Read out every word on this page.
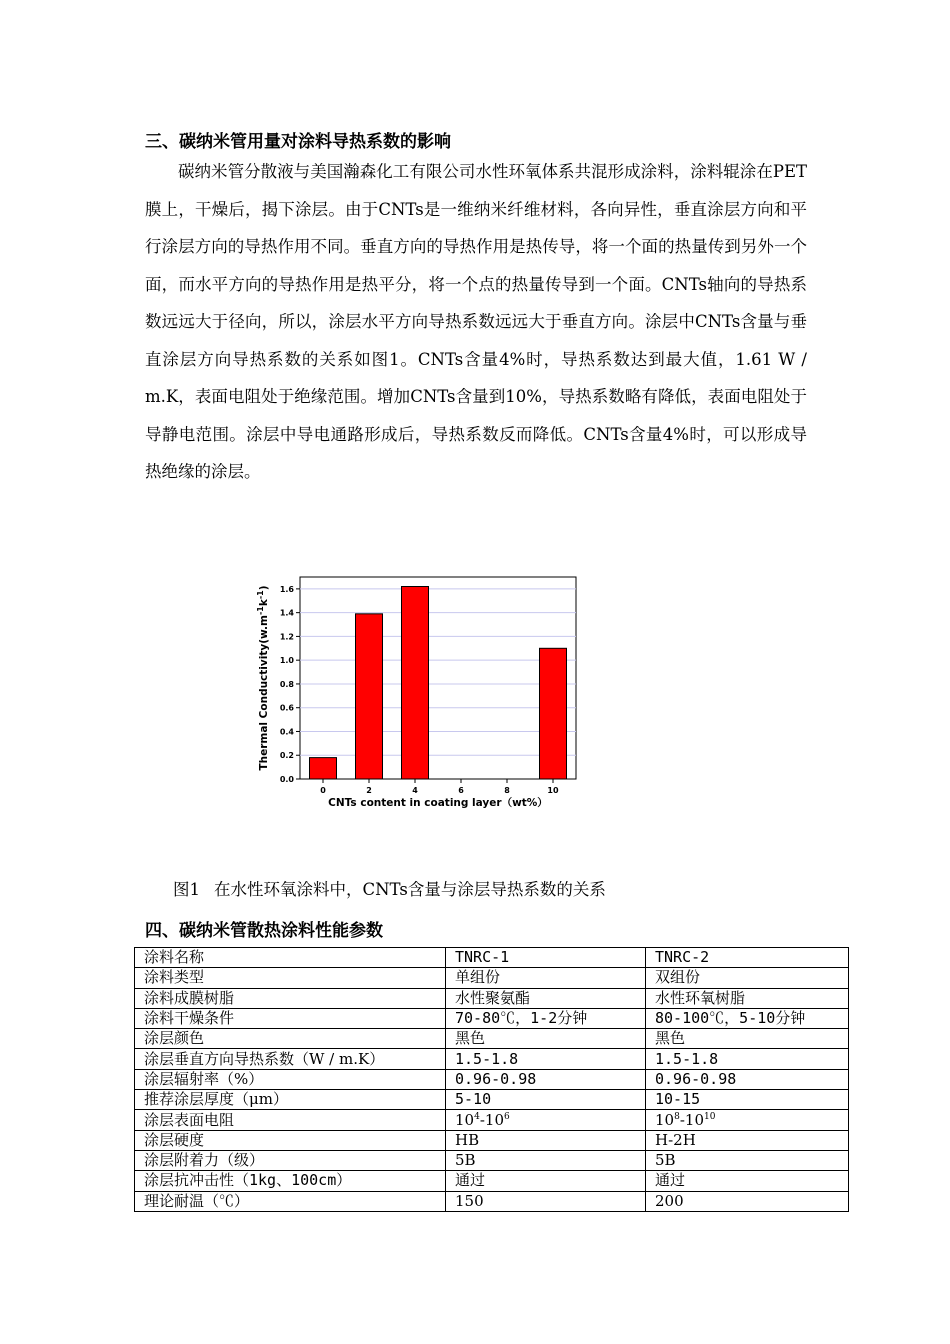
三、碳纳米管用量对涂料导热系数的影响

碳纳米管分散液与美国瀚森化工有限公司水性环氧体系共混形成涂料，涂料辊涂在PET膜上，干燥后，揭下涂层。由于CNTs是一维纳米纤维材料，各向异性，垂直涂层方向和平行涂层方向的导热作用不同。垂直方向的导热作用是热传导，将一个面的热量传到另外一个面，而水平方向的导热作用是热平分，将一个点的热量传导到一个面。CNTs轴向的导热系数远远大于径向，所以，涂层水平方向导热系数远远大于垂直方向。涂层中CNTs含量与垂直涂层方向导热系数的关系如图1。CNTs含量4%时，导热系数达到最大值，1.61 W / m.K，表面电阻处于绝缘范围。增加CNTs含量到10%，导热系数略有降低，表面电阻处于导静电范围。涂层中导电通路形成后，导热系数反而降低。CNTs含量4%时，可以形成导热绝缘的涂层。

0.0
0.2
0.4
0.6
0.8
1.0
1.2
1.4
1.6
0	2	4	6	8	10
CNTs content in coating layer（wt%）
Thermal $Conductivity(w.m^{-1}k^{-1})$
图1 在水性环氧涂料中，CNTs含量与涂层导热系数的关系
四、碳纳米管散热涂料性能参数
涂料名称	TNRC-1	TNRC-2
涂料类型	单组份	双组份
涂料成膜树脂	水性聚氨酯	水性环氧树脂
涂料干燥条件	70-80℃，1-2分钟	80-100℃，5-10分钟
涂层颜色	黑色	黑色
涂层垂直方向导热系数（W / m.K）	1.5-1.8	1.5-1.8
涂层辐射率（%）	0.96-0.98	0.96-0.98
推荐涂层厚度（μm）	5-10	10-15
涂层表面电阻	$10^4-10^6$	$10^8-10^{10}$
涂层硬度	HB	H-2H
涂层附着力（级）	5B	5B
涂层抗冲击性（1kg、100cm）	通过	通过
理论耐温（℃）	150	200
